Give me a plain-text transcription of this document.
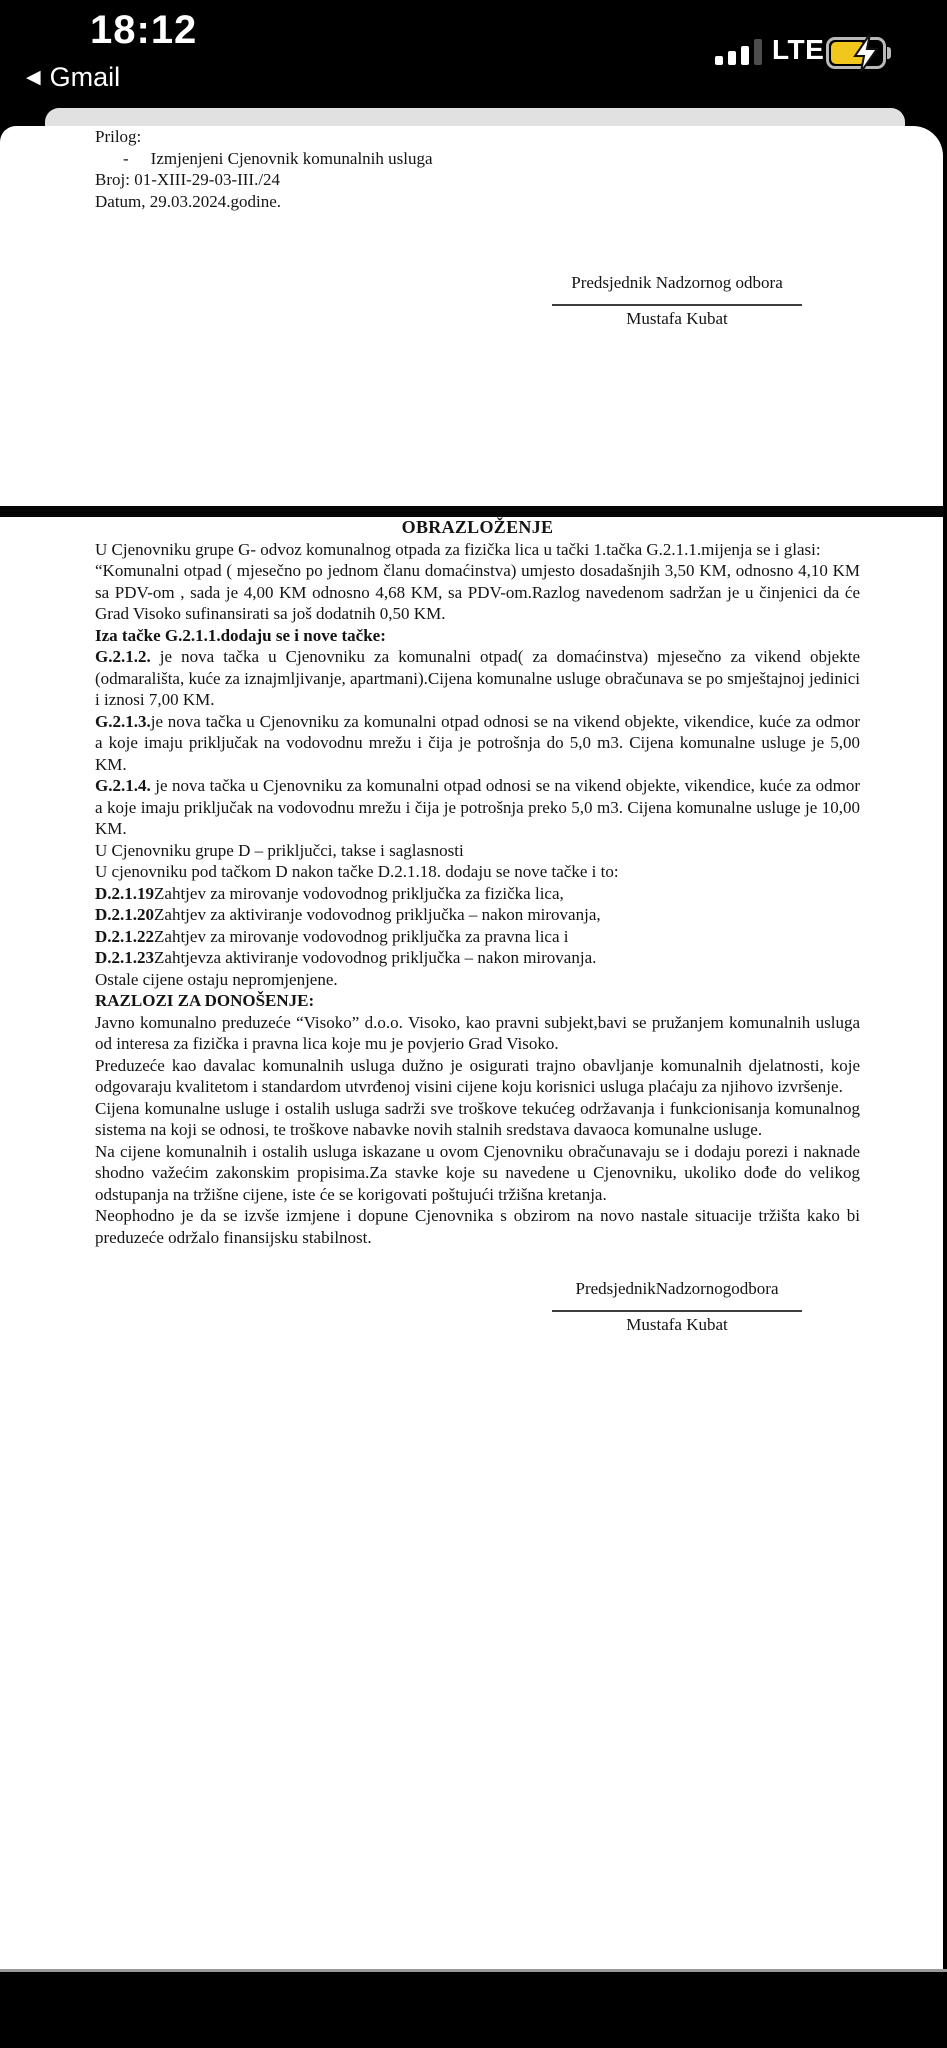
18:12
◀ Gmail
LTE

Prilog:

- Izmjenjeni Cjenovnik komunalnih usluga

Broj: 01-XIII-29-03-III./24

Datum, 29.03.2024.godine.

Predsjednik Nadzornog odbora
Mustafa Kubat

OBRAZLOŽENJE

U Cjenovniku grupe G- odvoz komunalnog otpada za fizička lica u tački 1.tačka G.2.1.1.mijenja se i glasi:

“Komunalni otpad ( mjesečno po jednom članu domaćinstva) umjesto dosadašnjih 3,50 KM, odnosno 4,10 KM sa PDV-om , sada je 4,00 KM odnosno 4,68 KM, sa PDV-om.Razlog navedenom sadržan je u činjenici da će Grad Visoko sufinansirati sa još dodatnih 0,50 KM.

Iza tačke G.2.1.1.dodaju se i nove tačke:

G.2.1.2. je nova tačka u Cjenovniku za komunalni otpad( za domaćinstva) mjesečno za vikend objekte (odmarališta, kuće za iznajmljivanje, apartmani).Cijena komunalne usluge obračunava se po smještajnoj jedinici i iznosi 7,00 KM.

G.2.1.3.je nova tačka u Cjenovniku za komunalni otpad odnosi se na vikend objekte, vikendice, kuće za odmor a koje imaju priključak na vodovodnu mrežu i čija je potrošnja do 5,0 m3. Cijena komunalne usluge je 5,00 KM.

G.2.1.4. je nova tačka u Cjenovniku za komunalni otpad odnosi se na vikend objekte, vikendice, kuće za odmor a koje imaju priključak na vodovodnu mrežu i čija je potrošnja preko 5,0 m3. Cijena komunalne usluge je 10,00 KM.

U Cjenovniku grupe D – priključci, takse i saglasnosti

U cjenovniku pod tačkom D nakon tačke D.2.1.18. dodaju se nove tačke i to:

D.2.1.19Zahtjev za mirovanje vodovodnog priključka za fizička lica,

D.2.1.20Zahtjev za aktiviranje vodovodnog priključka – nakon mirovanja,

D.2.1.22Zahtjev za mirovanje vodovodnog priključka za pravna lica i

D.2.1.23Zahtjevza aktiviranje vodovodnog priključka – nakon mirovanja.

Ostale cijene ostaju nepromjenjene.

RAZLOZI ZA DONOŠENJE:

Javno komunalno preduzeće “Visoko” d.o.o. Visoko, kao pravni subjekt,bavi se pružanjem komunalnih usluga od interesa za fizička i pravna lica koje mu je povjerio Grad Visoko.

Preduzeće kao davalac komunalnih usluga dužno je osigurati trajno obavljanje komunalnih djelatnosti, koje odgovaraju kvalitetom i standardom utvrđenoj visini cijene koju korisnici usluga plaćaju za njihovo izvršenje.

Cijena komunalne usluge i ostalih usluga sadrži sve troškove tekućeg održavanja i funkcionisanja komunalnog sistema na koji se odnosi, te troškove nabavke novih stalnih sredstava davaoca komunalne usluge.

Na cijene komunalnih i ostalih usluga iskazane u ovom Cjenovniku obračunavaju se i dodaju porezi i naknade shodno važećim zakonskim propisima.Za stavke koje su navedene u Cjenovniku, ukoliko dođe do velikog odstupanja na tržišne cijene, iste će se korigovati poštujući tržišna kretanja.

Neophodno je da se izvše izmjene i dopune Cjenovnika s obzirom na novo nastale situacije tržišta kako bi preduzeće održalo finansijsku stabilnost.

PredsjednikNadzornogodbora
Mustafa Kubat
